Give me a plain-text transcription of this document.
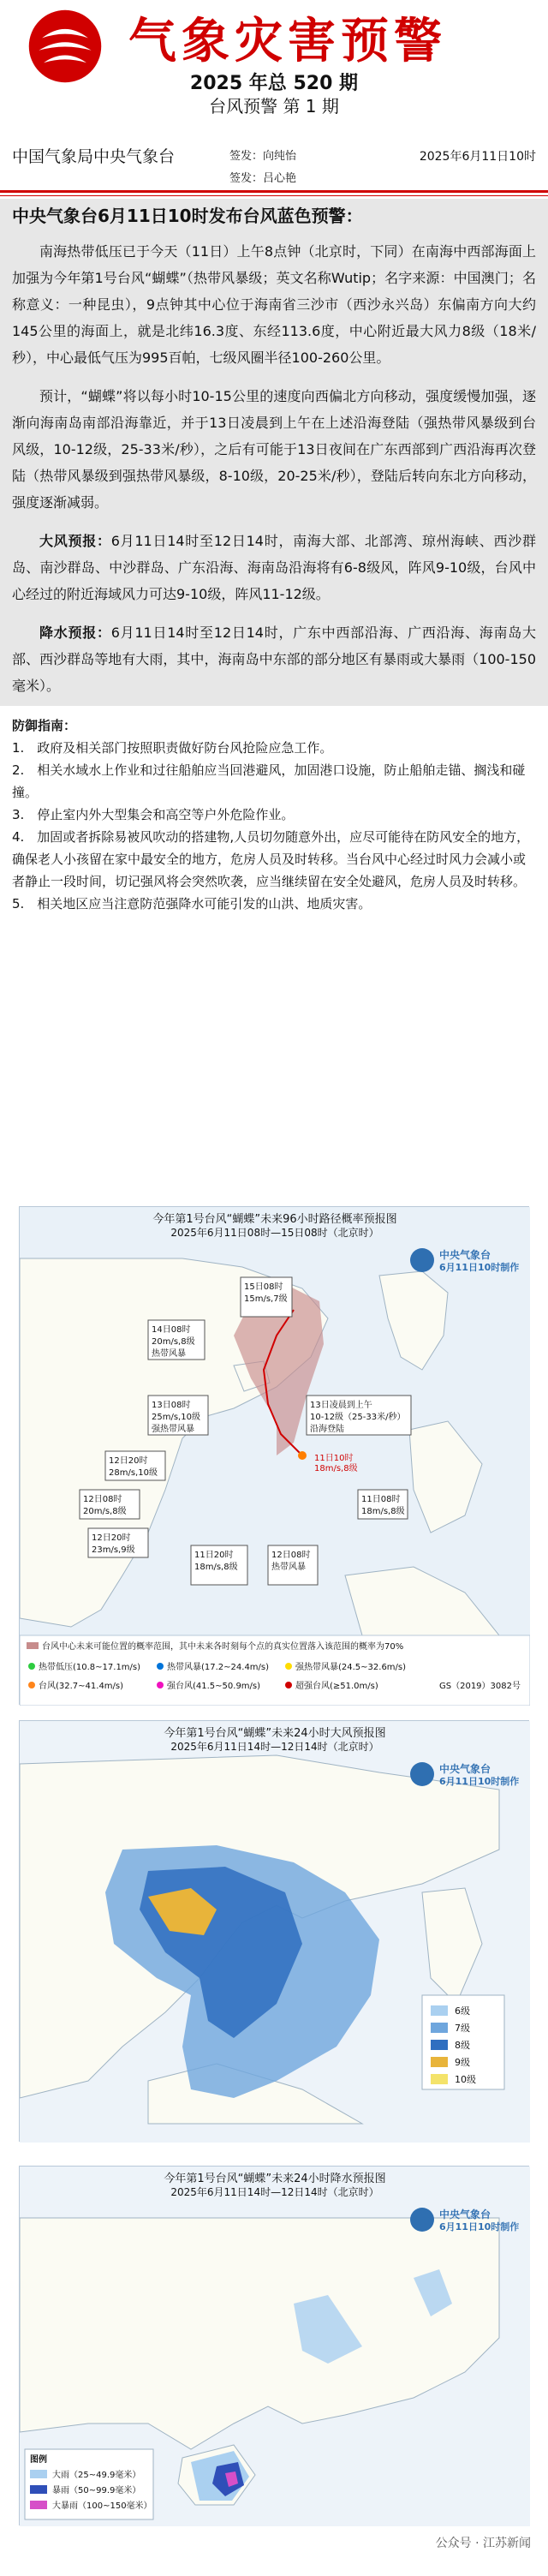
气象灾害预警
2025 年总 520 期
台风预警 第 1 期
中国气象局中央气象台	签发：向纯怡
签发：吕心艳
2025年6月11日10时
中央气象台6月11日10时发布台风蓝色预警：

南海热带低压已于今天（11日）上午8点钟（北京时，下同）在南海中西部海面上加强为今年第1号台风“蝴蝶”（热带风暴级；英文名称Wutip；名字来源：中国澳门；名称意义：一种昆虫），9点钟其中心位于海南省三沙市（西沙永兴岛）东偏南方向大约145公里的海面上，就是北纬16.3度、东经113.6度，中心附近最大风力8级（18米/秒），中心最低气压为995百帕，七级风圈半径100-260公里。

预计，“蝴蝶”将以每小时10-15公里的速度向西偏北方向移动，强度缓慢加强，逐渐向海南岛南部沿海靠近，并于13日凌晨到上午在上述沿海登陆（强热带风暴级到台风级，10-12级，25-33米/秒），之后有可能于13日夜间在广东西部到广西沿海再次登陆（热带风暴级到强热带风暴级，8-10级，20-25米/秒），登陆后转向东北方向移动，强度逐渐减弱。

大风预报：6月11日14时至12日14时，南海大部、北部湾、琼州海峡、西沙群岛、南沙群岛、中沙群岛、广东沿海、海南岛沿海将有6-8级风，阵风9-10级，台风中心经过的附近海域风力可达9-10级，阵风11-12级。

降水预报：6月11日14时至12日14时，广东中西部沿海、广西沿海、海南岛大部、西沙群岛等地有大雨，其中，海南岛中东部的部分地区有暴雨或大暴雨（100-150毫米）。

防御指南：
1.　政府及相关部门按照职责做好防台风抢险应急工作。
2.　相关水域水上作业和过往船舶应当回港避风，加固港口设施，防止船舶走锚、搁浅和碰撞。
3.　停止室内外大型集会和高空等户外危险作业。
4.　加固或者拆除易被风吹动的搭建物,人员切勿随意外出，应尽可能待在防风安全的地方，确保老人小孩留在家中最安全的地方，危房人员及时转移。当台风中心经过时风力会减小或者静止一段时间，切记强风将会突然吹袭，应当继续留在安全处避风，危房人员及时转移。
5.　相关地区应当注意防范强降水可能引发的山洪、地质灾害。
今年第1号台风“蝴蝶”未来96小时路径概率预报图
2025年6月11日08时—15日08时（北京时）
中央气象台
6月11日10时制作
15日08时
15m/s,7级
14日08时
20m/s,8级
热带风暴
13日08时
25m/s,10级
强热带风暴
12日20时
28m/s,10级
12日08时
20m/s,8级
12日20时
23m/s,9级
11日08时
18m/s,8级
12日08时
热带风暴
11日20时
18m/s,8级
13日凌晨到上午
10-12级（25-33米/秒）
沿海登陆
11日10时
18m/s,8级
台风中心未来可能位置的概率范围，其中未来各时刻每个点的真实位置落入该范围的概率为70%
热带低压(10.8~17.1m/s)	热带风暴(17.2~24.4m/s)	强热带风暴(24.5~32.6m/s)
台风(32.7~41.4m/s)	强台风(41.5~50.9m/s)	超强台风(≥51.0m/s)	GS（2019）3082号
今年第1号台风“蝴蝶”未来24小时大风预报图
2025年6月11日14时—12日14时（北京时）
中央气象台
6月11日10时制作
6级
7级
8级
9级
10级
今年第1号台风“蝴蝶”未来24小时降水预报图
2025年6月11日14时—12日14时（北京时）
中央气象台
6月11日10时制作
图例
大雨（25~49.9毫米）
暴雨（50~99.9毫米）
大暴雨（100~150毫米）
公众号 · 江苏新闻
